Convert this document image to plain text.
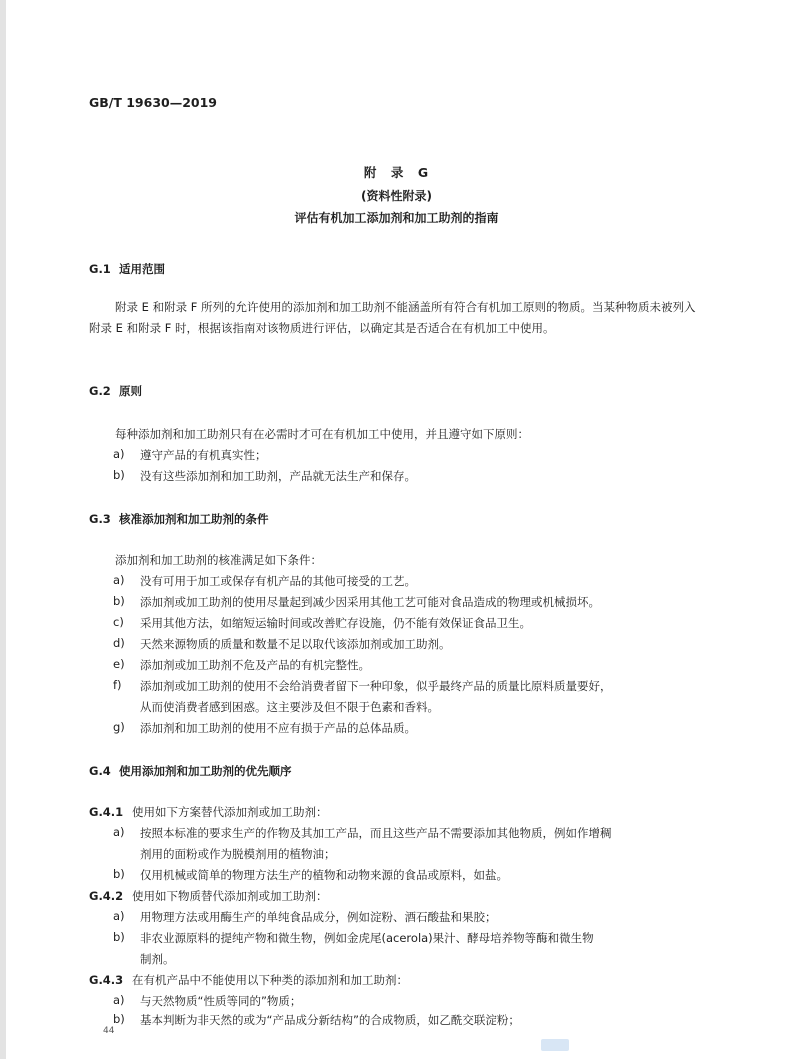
GB/T 19630—2019
附　录　G
(资料性附录)
评估有机加工添加剂和加工助剂的指南
G.1 适用范围
附录 E 和附录 F 所列的允许使用的添加剂和加工助剂不能涵盖所有符合有机加工原则的物质。当某种物质未被列入附录 E 和附录 F 时，根据该指南对该物质进行评估，以确定其是否适合在有机加工中使用。
G.2 原则
每种添加剂和加工助剂只有在必需时才可在有机加工中使用，并且遵守如下原则：
a) 遵守产品的有机真实性；
b) 没有这些添加剂和加工助剂，产品就无法生产和保存。
G.3 核准添加剂和加工助剂的条件
添加剂和加工助剂的核准满足如下条件：
a) 没有可用于加工或保存有机产品的其他可接受的工艺。
b) 添加剂或加工助剂的使用尽量起到减少因采用其他工艺可能对食品造成的物理或机械损坏。
c) 采用其他方法，如缩短运输时间或改善贮存设施，仍不能有效保证食品卫生。
d) 天然来源物质的质量和数量不足以取代该添加剂或加工助剂。
e) 添加剂或加工助剂不危及产品的有机完整性。
f) 添加剂或加工助剂的使用不会给消费者留下一种印象，似乎最终产品的质量比原料质量要好，
从而使消费者感到困惑。这主要涉及但不限于色素和香料。
g) 添加剂和加工助剂的使用不应有损于产品的总体品质。
G.4 使用添加剂和加工助剂的优先顺序
G.4.1 使用如下方案替代添加剂或加工助剂：
a) 按照本标准的要求生产的作物及其加工产品，而且这些产品不需要添加其他物质，例如作增稠
剂用的面粉或作为脱模剂用的植物油；
b) 仅用机械或简单的物理方法生产的植物和动物来源的食品或原料，如盐。
G.4.2 使用如下物质替代添加剂或加工助剂：
a) 用物理方法或用酶生产的单纯食品成分，例如淀粉、酒石酸盐和果胶；
b) 非农业源原料的提纯产物和微生物，例如金虎尾(acerola)果汁、酵母培养物等酶和微生物
制剂。
G.4.3 在有机产品中不能使用以下种类的添加剂和加工助剂：
a) 与天然物质“性质等同的”物质；
b) 基本判断为非天然的或为“产品成分新结构”的合成物质，如乙酰交联淀粉；
44
